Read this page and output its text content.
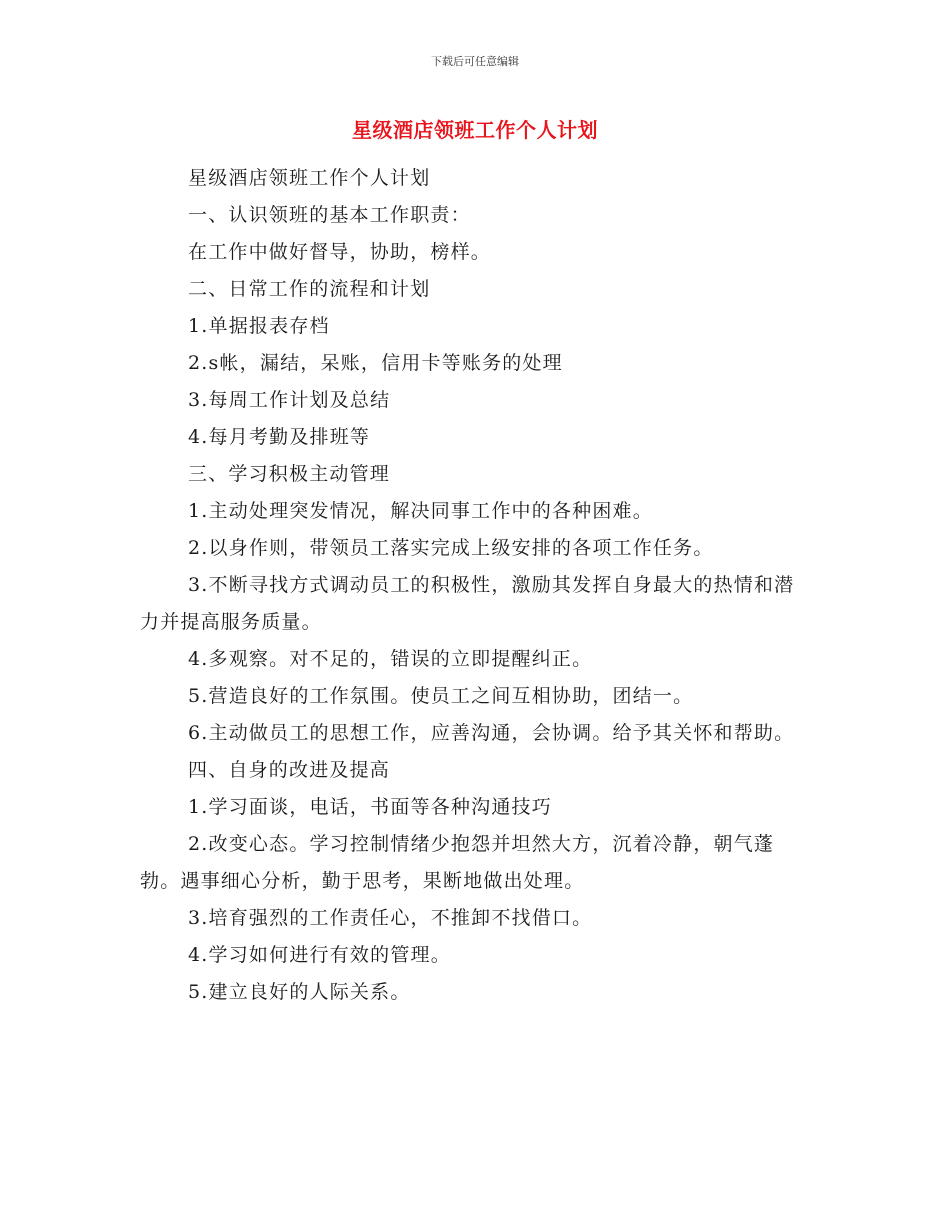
下载后可任意编辑
星级酒店领班工作个人计划

星级酒店领班工作个人计划

一、认识领班的基本工作职责：

在工作中做好督导，协助，榜样。

二、日常工作的流程和计划

1.单据报表存档

2.s帐，漏结，呆账，信用卡等账务的处理

3.每周工作计划及总结

4.每月考勤及排班等

三、学习积极主动管理

1.主动处理突发情况，解决同事工作中的各种困难。

2.以身作则，带领员工落实完成上级安排的各项工作任务。

3.不断寻找方式调动员工的积极性，激励其发挥自身最大的热情和潜力并提高服务质量。

4.多观察。对不足的，错误的立即提醒纠正。

5.营造良好的工作氛围。使员工之间互相协助，团结一。

6.主动做员工的思想工作，应善沟通，会协调。给予其关怀和帮助。

四、自身的改进及提高

1.学习面谈，电话，书面等各种沟通技巧

2.改变心态。学习控制情绪少抱怨并坦然大方，沉着冷静，朝气蓬勃。遇事细心分析，勤于思考，果断地做出处理。

3.培育强烈的工作责任心，不推卸不找借口。

4.学习如何进行有效的管理。

5.建立良好的人际关系。
